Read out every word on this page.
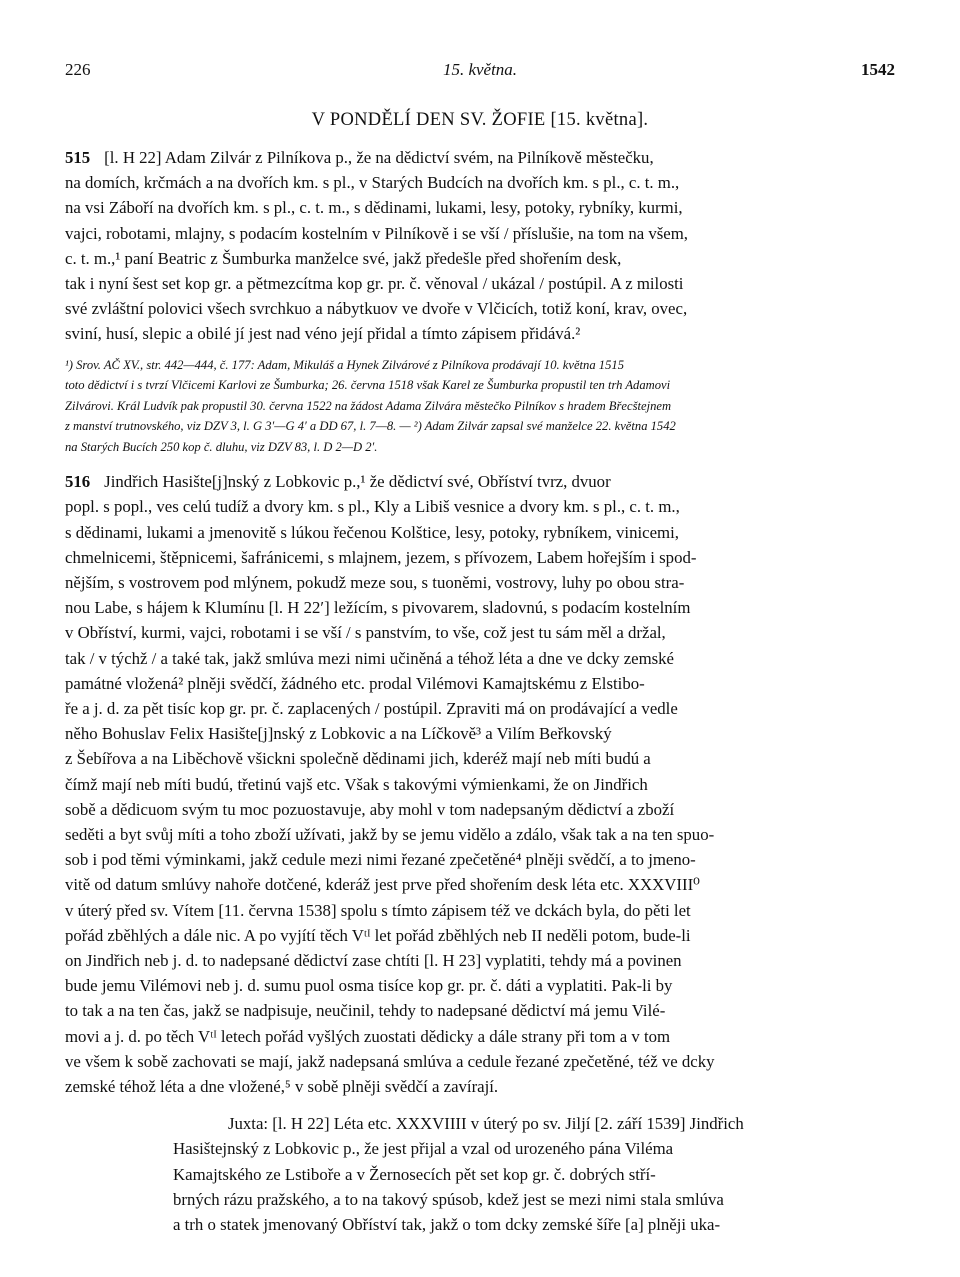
226	15. května.	1542
V PONDĚLÍ DEN SV. ŽOFIE [15. května].
515 [l. H 22] Adam Zilvár z Pilníkova p., že na dědictví svém, na Pilníkově městečku,
na domích, krčmách a na dvořích km. s pl., v Starých Budcích na dvořích km. s pl., c. t. m.,
na vsi Záboří na dvořích km. s pl., c. t. m., s dědinami, lukami, lesy, potoky, rybníky, kurmi,
vajci, robotami, mlajny, s podacím kostelním v Pilníkově i se vší / příslušie, na tom na všem,
c. t. m.,¹ paní Beatric z Šumburka manželce své, jakž předešle před shořením desk,
tak i nyní šest set kop gr. a pětmezcítma kop gr. pr. č. věnoval / ukázal / postúpil. A z milosti
své zvláštní polovici všech svrchkuo a nábytkuov ve dvoře v Vlčicích, totiž koní, krav, ovec,
sviní, husí, slepic a obilé jí jest nad véno její přidal a tímto zápisem přidává.²
¹) Srov. AČ XV., str. 442—444, č. 177: Adam, Mikuláš a Hynek Zilvárové z Pilníkova prodávají 10. května 1515
toto dědictví i s tvrzí Vlčicemi Karlovi ze Šumburka; 26. června 1518 však Karel ze Šumburka propustil ten trh Adamovi
Zilvárovi. Král Ludvík pak propustil 30. června 1522 na žádost Adama Zilvára městečko Pilníkov s hradem Břecštejnem
z manství trutnovského, viz DZV 3, l. G 3′—G 4′ a DD 67, l. 7—8. — ²) Adam Zilvár zapsal své manželce 22. května 1542
na Starých Bucích 250 kop č. dluhu, viz DZV 83, l. D 2—D 2′.
516 Jindřich Hasište[j]nský z Lobkovic p.,¹ že dědictví své, Obříství tvrz, dvuor
popl. s popl., ves celú tudíž a dvory km. s pl., Kly a Libiš vesnice a dvory km. s pl., c. t. m.,
s dědinami, lukami a jmenovitě s lúkou řečenou Kolštice, lesy, potoky, rybníkem, vinicemi,
chmelnicemi, štěpnicemi, šafránicemi, s mlajnem, jezem, s přívozem, Labem hořejším i spod-
nějším, s vostrovem pod mlýnem, pokudž meze sou, s tuoněmi, vostrovy, luhy po obou stra-
nou Labe, s hájem k Klumínu [l. H 22′] ležícím, s pivovarem, sladovnú, s podacím kostelním
v Obříství, kurmi, vajci, robotami i se vší / s panstvím, to vše, což jest tu sám měl a držal,
tak / v týchž / a také tak, jakž smlúva mezi nimi učiněná a téhož léta a dne ve dcky zemské
památné vložená² plněji svědčí, žádného etc. prodal Vilémovi Kamajtskému z Elstibo-
ře a j. d. za pět tisíc kop gr. pr. č. zaplacených / postúpil. Zpraviti má on prodávající a vedle
něho Bohuslav Felix Hasište[j]nský z Lobkovic a na Líčkově³ a Vilím Beřkovský
z Šebířova a na Liběchově všickni společně dědinami jich, kderéž mají neb míti budú a
čímž mají neb míti budú, třetinú vajš etc. Však s takovými výmienkami, že on Jindřich
sobě a dědicuom svým tu moc pozuostavuje, aby mohl v tom nadepsaným dědictví a zboží
seděti a byt svůj míti a toho zboží užívati, jakž by se jemu vidělo a zdálo, však tak a na ten spuo-
sob i pod těmi výminkami, jakž cedule mezi nimi řezané zpečetěné⁴ plněji svědčí, a to jmeno-
vitě od datum smlúvy nahoře dotčené, kderáž jest prve před shořením desk léta etc. XXXVIII⁰
v úterý před sv. Vítem [11. června 1538] spolu s tímto zápisem též ve dckách byla, do pěti let
pořád zběhlých a dále nic. A po vyjítí těch Vᵗᴵ let pořád zběhlých neb II neděli potom, bude-li
on Jindřich neb j. d. to nadepsané dědictví zase chtíti [l. H 23] vyplatiti, tehdy má a povinen
bude jemu Vilémovi neb j. d. sumu puol osma tisíce kop gr. pr. č. dáti a vyplatiti. Pak-li by
to tak a na ten čas, jakž se nadpisuje, neučinil, tehdy to nadepsané dědictví má jemu Vilé-
movi a j. d. po těch Vᵗᴵ letech pořád vyšlých zuostati dědicky a dále strany při tom a v tom
ve všem k sobě zachovati se mají, jakž nadepsaná smlúva a cedule řezané zpečetěné, též ve dcky
zemské téhož léta a dne vložené,⁵ v sobě plněji svědčí a zavírají.
Juxta: [l. H 22] Léta etc. XXXVIIII v úterý po sv. Jiljí [2. září 1539] Jindřich
Hasištejnský z Lobkovic p., že jest přijal a vzal od urozeného pána Viléma
Kamajtského ze Lstiboře a v Žernosecích pět set kop gr. č. dobrých stří-
brných rázu pražského, a to na takový spúsob, kdež jest se mezi nimi stala smlúva
a trh o statek jmenovaný Obříství tak, jakž o tom dcky zemské šíře [a] plněji uka-
